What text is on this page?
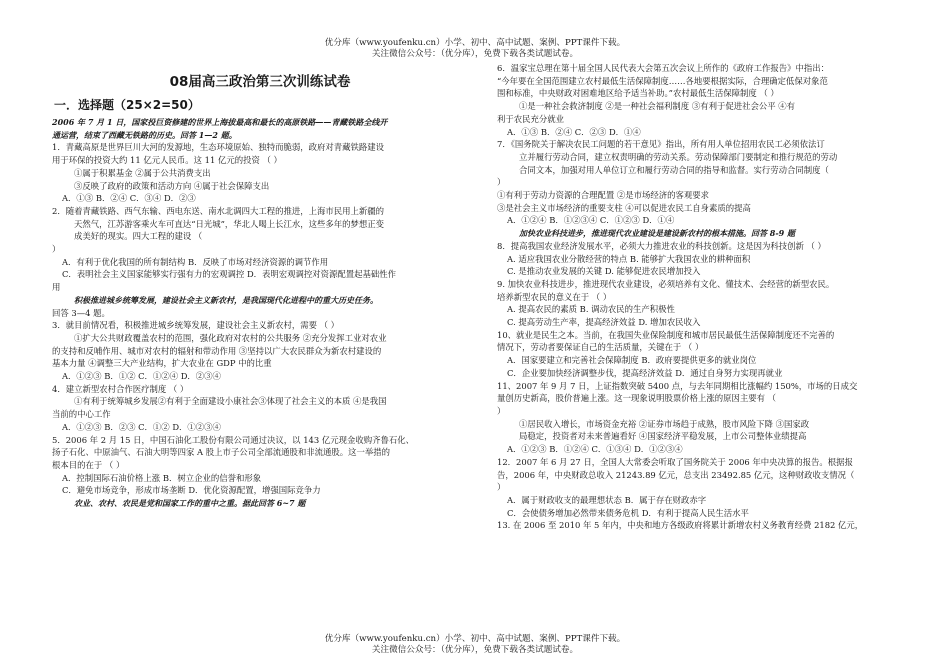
优分库（www.youfenku.cn）小学、初中、高中试题、案例、PPT课件下载。
关注微信公众号：（优分库），免费下载各类试题试卷。
08届高三政治第三次训练试卷
一．选择题（25×2=50）
2006 年 7 月 1 日，国家投巨资修建的世界上海拔最高和最长的高原铁路——青藏铁路全线开
通运营，结束了西藏无铁路的历史。回答 1—2 题。
1．青藏高原是世界巨川大河的发源地，生态环境原始、独特而脆弱，政府对青藏铁路建设
用于环保的投资大约 11 亿元人民币。这 11 亿元的投资 （ ）
①属于积累基金 ②属于公共消费支出
③反映了政府的政策和活动方向 ④属于社会保障支出
A．①③ B．②④ C．③④ D．②③
2．随着青藏铁路、西气东输、西电东送、南水北调四大工程的推进，上海市民用上新疆的
天然气，江苏游客乘火车可直达“日光城”，华北人喝上长江水，这些多年的梦想正变
成美好的现实。四大工程的建设 （
）
A．有利于优化我国的所有制结构 B．反映了市场对经济资源的调节作用
C．表明社会主义国家能够实行强有力的宏观调控 D．表明宏观调控对资源配置起基础性作
用
积极推进城乡统筹发展，建设社会主义新农村，是我国现代化进程中的重大历史任务。
回答 3—4 题。
3．就目前情况看，积极推进城乡统筹发展，建设社会主义新农村，需要 （ ）
①扩大公共财政覆盖农村的范围，强化政府对农村的公共服务 ②充分发挥工业对农业
的支持和反哺作用、城市对农村的辐射和带动作用 ③坚持以广大农民群众为新农村建设的
基本力量 ④调整三大产业结构，扩大农业在 GDP 中的比重
A．①②③ B．①② C．①②④ D．②③④
4．建立新型农村合作医疗制度 （ ）
①有利于统筹城乡发展②有利于全面建设小康社会③体现了社会主义的本质 ④是我国
当前的中心工作
A．①②③ B．②③ C．①② D．①②③④
5．2006 年 2 月 15 日，中国石油化工股份有限公司通过决议，以 143 亿元现金收购齐鲁石化、
扬子石化、中原油气、石油大明等四家 A 股上市子公司全部流通股和非流通股。这一举措的
根本目的在于 （ ）
A．控制国际石油价格上涨 B．树立企业的信誉和形象
C．避免市场竞争，形成市场垄断 D．优化资源配置，增强国际竞争力
农业、农村、农民是党和国家工作的重中之重。据此回答 6~7 题
6．温家宝总理在第十届全国人民代表大会第五次会议上所作的《政府工作报告》中指出：
“今年要在全国范围建立农村最低生活保障制度……各地要根据实际，合理确定低保对象范
围和标准，中央财政对困难地区给予适当补助。”农村最低生活保障制度 （ ）
①是一种社会救济制度 ②是一种社会福利制度 ③有利于促进社会公平 ④有
利于农民充分就业
A．①③ B．②④ C．②③ D．①④
7．《国务院关于解决农民工问题的若干意见》指出，所有用人单位招用农民工必须依法订
立并履行劳动合同，建立权责明确的劳动关系。劳动保障部门要制定和推行规范的劳动
合同文本，加强对用人单位订立和履行劳动合同的指导和监督。实行劳动合同制度（
）
①有利于劳动力资源的合理配置 ②是市场经济的客观要求
③是社会主义市场经济的重要支柱 ④可以促进农民工自身素质的提高
A．①②④ B．①②③④ C．①②③ D．①④
加快农业科技进步，推进现代农业建设是建设新农村的根本措施。回答 8-9 题
8．提高我国农业经济发展水平，必须大力推进农业的科技创新。这是因为科技创新 （ ）
A. 适应我国农业分散经营的特点 B. 能够扩大我国农业的耕种面积
C. 是推动农业发展的关键 D. 能够促进农民增加投入
9. 加快农业科技进步，推进现代农业建设，必须培养有文化、懂技术、会经营的新型农民。
培养新型农民的意义在于 （ ）
A. 提高农民的素质 B. 调动农民的生产积极性
C. 提高劳动生产率，提高经济效益 D. 增加农民收入
10、就业是民生之本。当前，在我国失业保险制度和城市居民最低生活保障制度还不完善的
情况下，劳动者要保证自己的生活质量，关键在于 （ ）
A．国家要建立和完善社会保障制度 B．政府要提供更多的就业岗位
C．企业要加快经济调整步伐，提高经济效益 D．通过自身努力实现再就业
11、2007 年 9 月 7 日，上证指数突破 5400 点，与去年同期相比涨幅约 150%，市场的日成交
量创历史新高，股价普遍上涨。这一现象说明股票价格上涨的原因主要有 （
）
①居民收入增长，市场资金充裕 ②证券市场趋于成熟，股市风险下降 ③国家政
局稳定，投资者对未来普遍看好 ④国家经济平稳发展，上市公司整体业绩提高
A．①②③ B．①②④ C．①③④ D．①②③④
12．2007 年 6 月 27 日，全国人大常委会听取了国务院关于 2006 年中央决算的报告。根据报
告，2006 年，中央财政总收入 21243.89 亿元，总支出 23492.85 亿元，这种财政收支情况（
）
A．属于财政收支的最理想状态 B．属于存在财政赤字
C．会使债务增加必然带来债务危机 D．有利于提高人民生活水平
13. 在 2006 至 2010 年 5 年内，中央和地方各级政府将累计新增农村义务教育经费 2182 亿元，
优分库（www.youfenku.cn）小学、初中、高中试题、案例、PPT课件下载。
关注微信公众号：（优分库），免费下载各类试题试卷。
